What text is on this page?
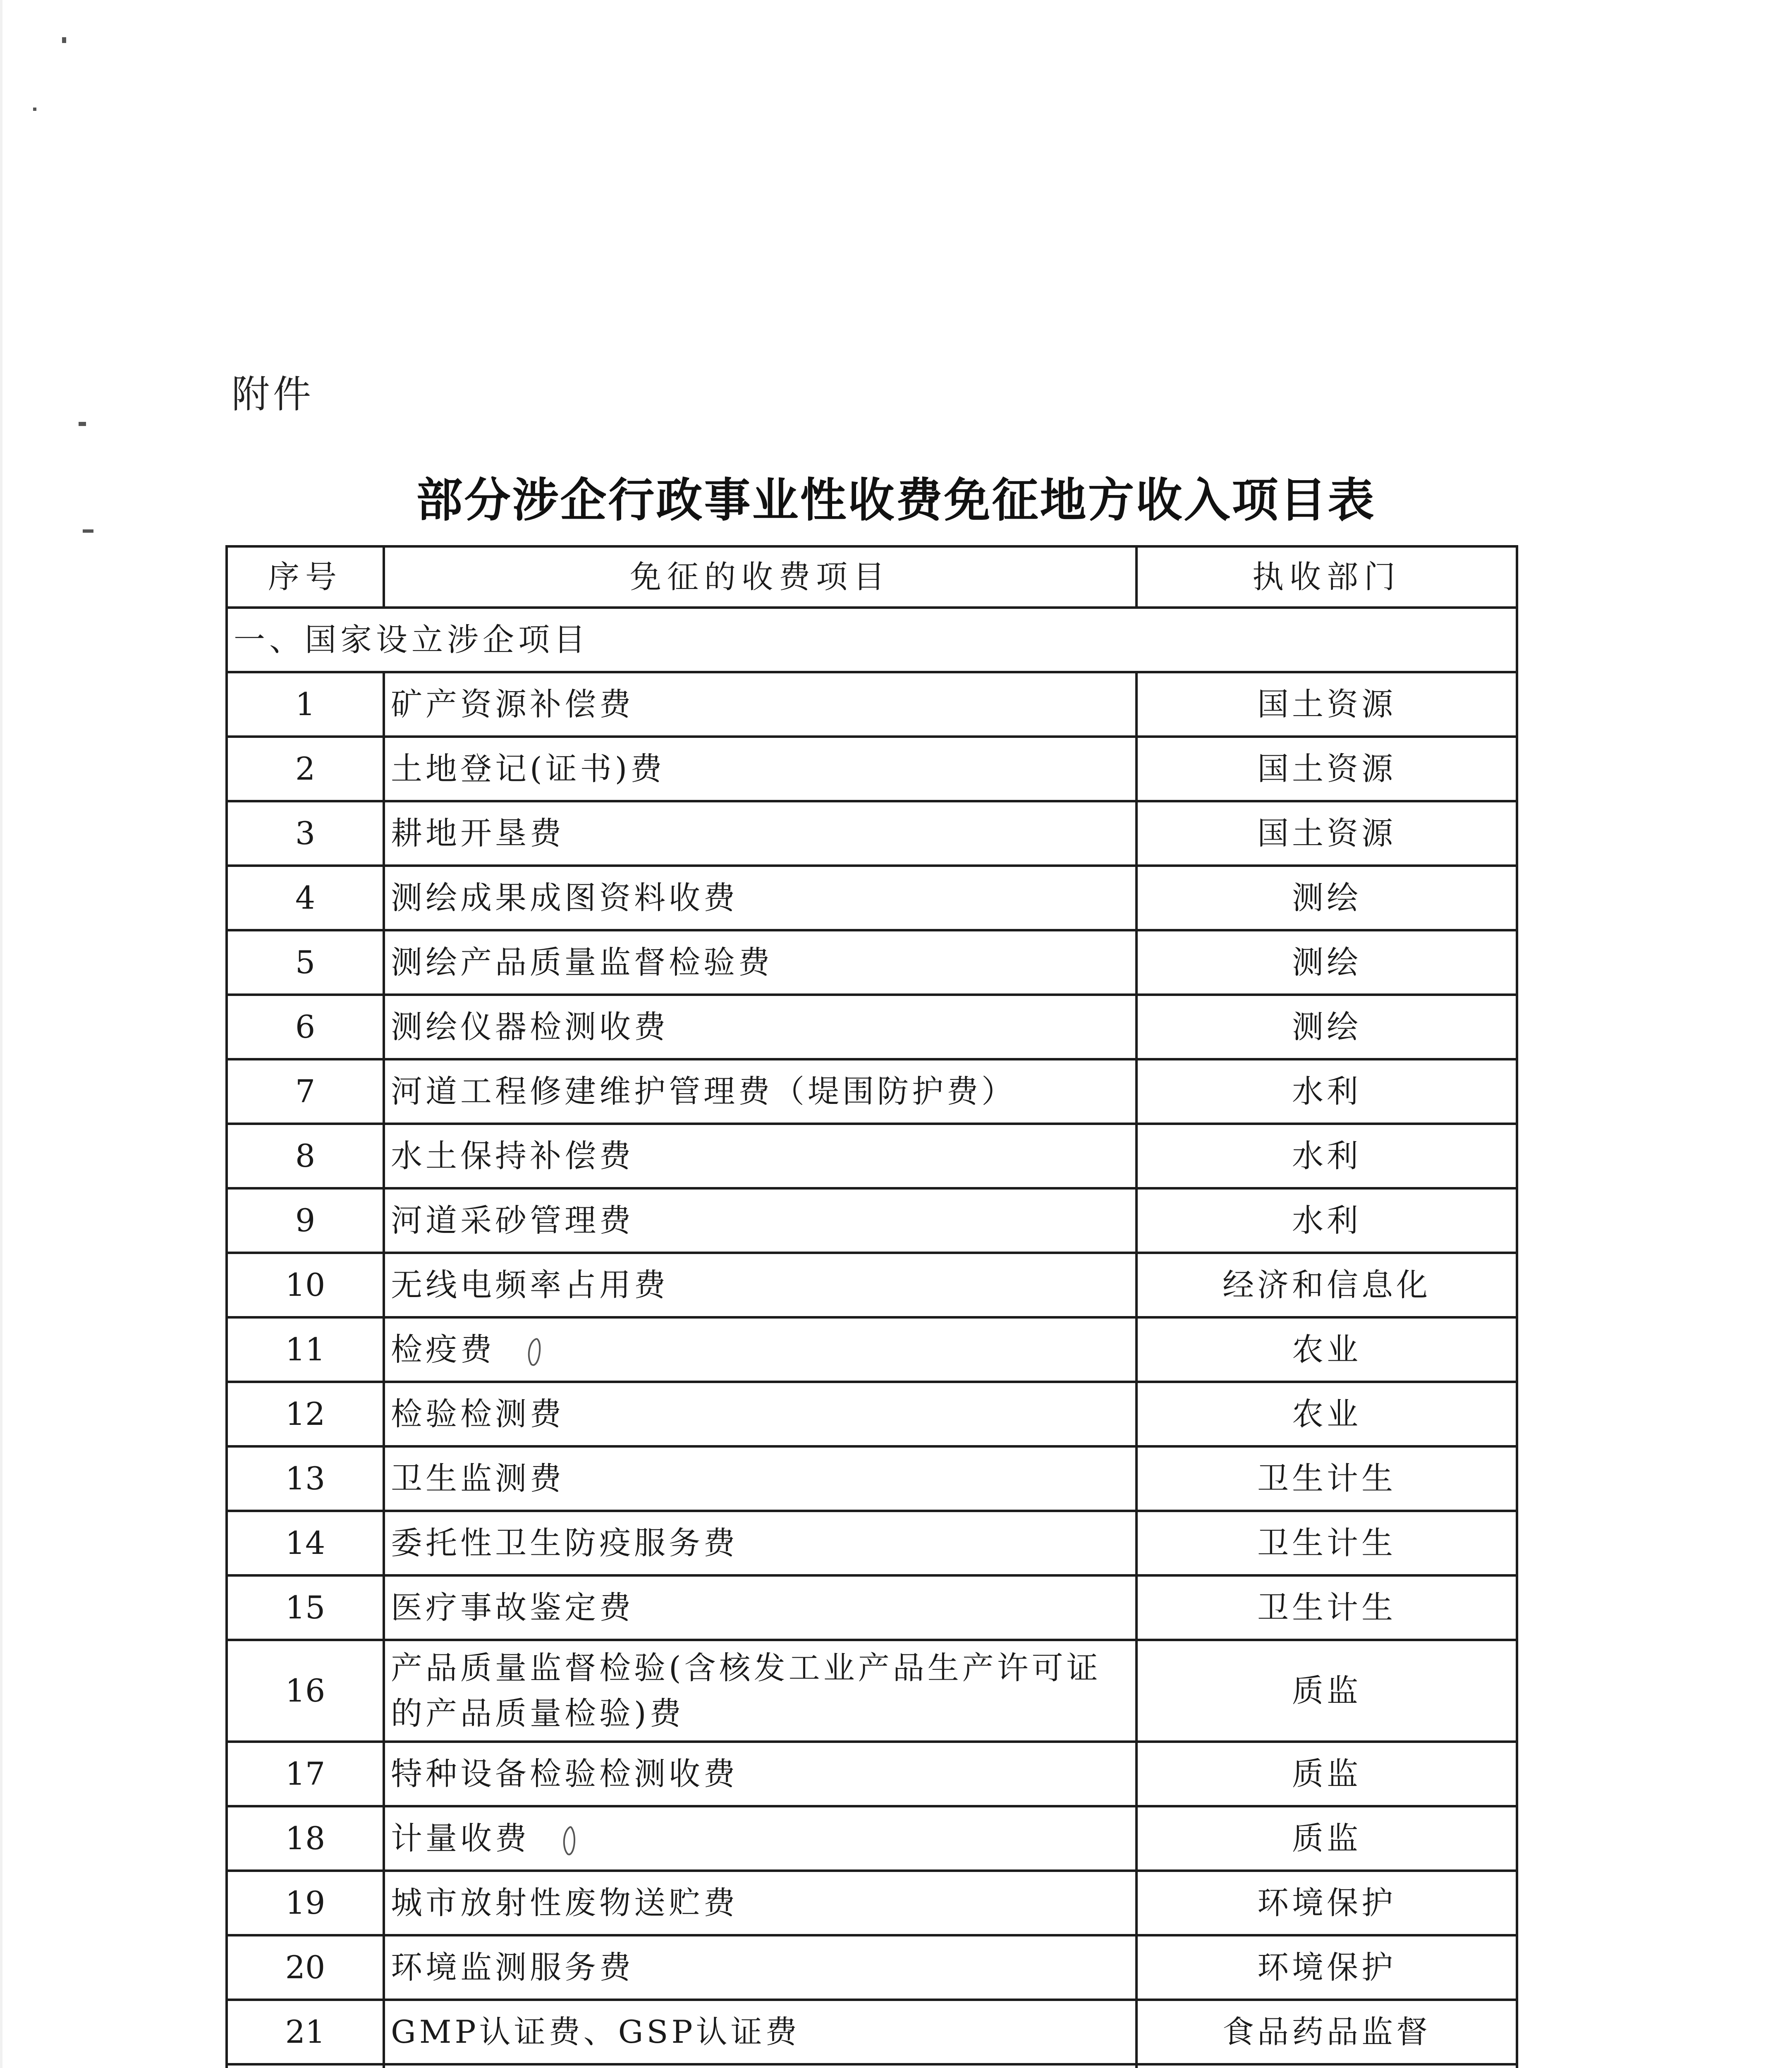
附件
部分涉企行政事业性收费免征地方收入项目表
序号	免征的收费项目	执收部门
一、国家设立涉企项目		
1	矿产资源补偿费	国土资源
2	土地登记(证书)费	国土资源
3	耕地开垦费	国土资源
4	测绘成果成图资料收费	测绘
5	测绘产品质量监督检验费	测绘
6	测绘仪器检测收费	测绘
7	河道工程修建维护管理费（堤围防护费）	水利
8	水土保持补偿费	水利
9	河道采砂管理费	水利
10	无线电频率占用费	经济和信息化
11	检疫费	农业
12	检验检测费	农业
13	卫生监测费	卫生计生
14	委托性卫生防疫服务费	卫生计生
15	医疗事故鉴定费	卫生计生
16	产品质量监督检验(含核发工业产品生产许可证的产品质量检验)费	质监
17	特种设备检验检测收费	质监
18	计量收费	质监
19	城市放射性废物送贮费	环境保护
20	环境监测服务费	环境保护
21	GMP认证费、GSP认证费	食品药品监督
